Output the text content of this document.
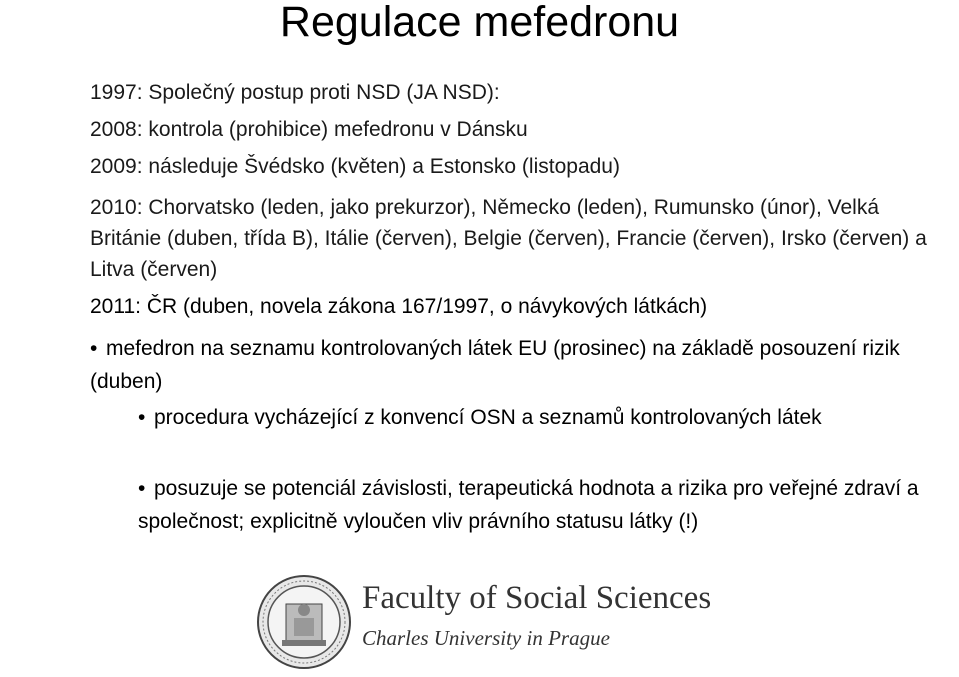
Regulace mefedronu
1997: Společný postup proti NSD (JA NSD):
2008: kontrola (prohibice) mefedronu v Dánsku
2009: následuje Švédsko (květen) a Estonsko (listopadu)
2010: Chorvatsko (leden, jako prekurzor), Německo (leden), Rumunsko (únor), Velká Británie (duben, třída B), Itálie (červen), Belgie (červen), Francie (červen), Irsko (červen) a Litva (červen)
2011: ČR (duben, novela zákona 167/1997, o návykových látkách)
• mefedron na seznamu kontrolovaných látek EU (prosinec) na základě posouzení rizik (duben)
• procedura vycházející z konvencí OSN a seznamů kontrolovaných látek
• posuzuje se potenciál závislosti, terapeutická hodnota a rizika pro veřejné zdraví a společnost; explicitně vyloučen vliv právního statusu látky (!)
Faculty of Social Sciences
Charles University in Prague
